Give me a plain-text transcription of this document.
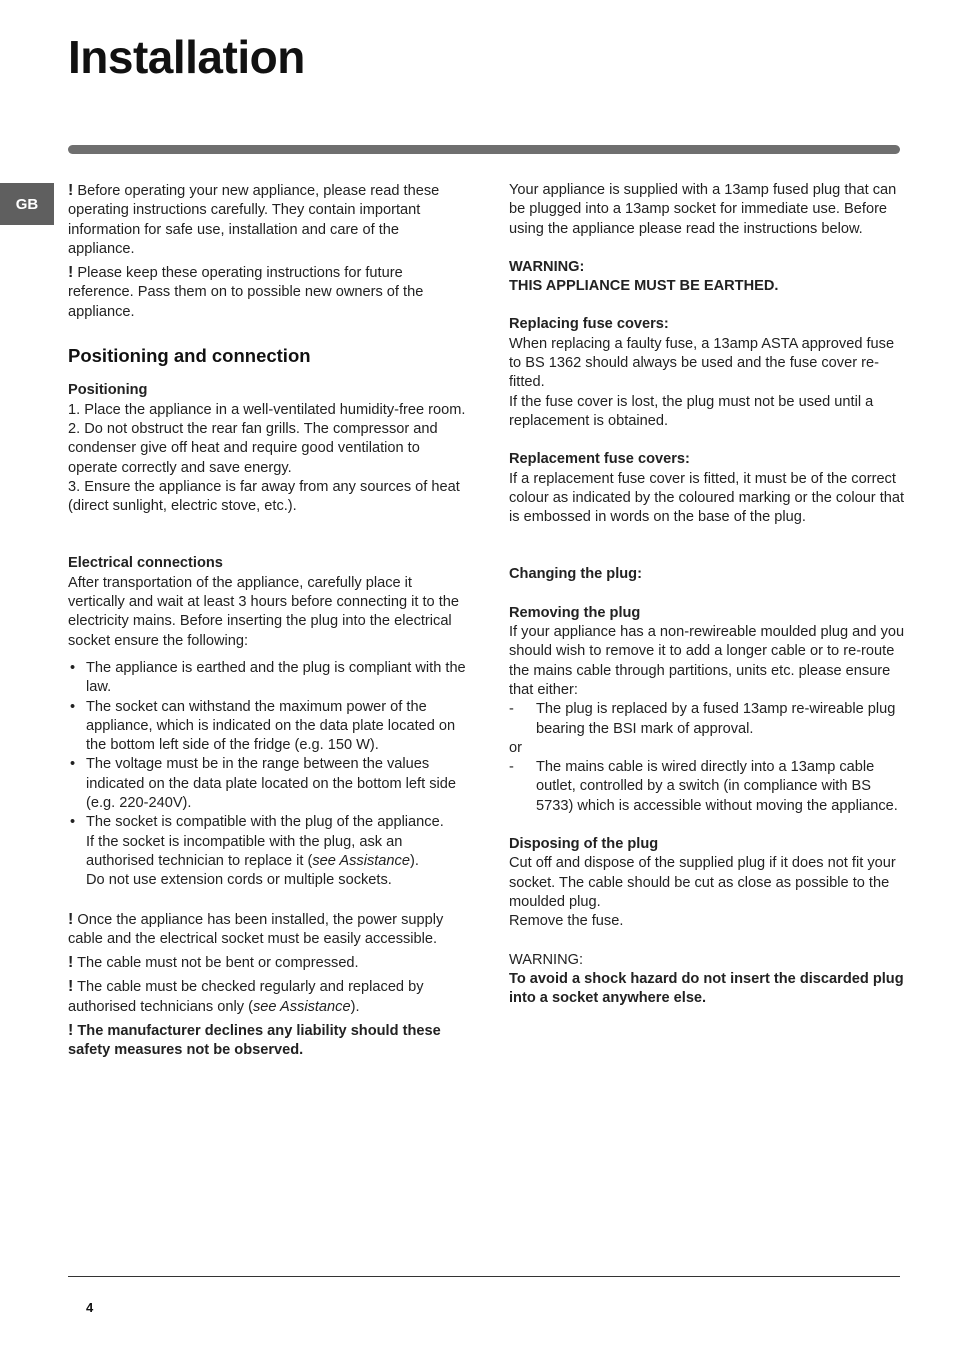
Installation
GB

! Before operating your new appliance, please read these operating instructions carefully. They contain important information for safe use, installation and care of the appliance.

! Please keep these operating instructions for future reference. Pass them on to possible new owners of the appliance.

Positioning and connection

Positioning

1. Place the appliance in a well-ventilated humidity-free room.

2. Do not obstruct the rear fan grills. The compressor and condenser give off heat and require good ventilation to operate correctly and save energy.

3. Ensure the appliance is far away from any sources of heat (direct sunlight, electric stove, etc.).

Electrical connections

After transportation of the appliance, carefully place it vertically and wait at least 3 hours before connecting it to the electricity mains. Before inserting the plug into the electrical socket ensure the following:

• The appliance is earthed and the plug is compliant with the law.
• The socket can withstand the maximum power of the appliance, which is indicated on the data plate located on the bottom left side of the fridge (e.g. 150 W).
• The voltage must be in the range between the values indicated on the data plate located on the bottom left side (e.g. 220-240V).
• The socket is compatible with the plug of the appliance.
If the socket is incompatible with the plug, ask an authorised technician to replace it (see Assistance).
Do not use extension cords or multiple sockets.

! Once the appliance has been installed, the power supply cable and the electrical socket must be easily accessible.

! The cable must not be bent or compressed.

! The cable must be checked regularly and replaced by authorised technicians only (see Assistance).

! The manufacturer declines any liability should these safety measures not be observed.

Your appliance is supplied with a 13amp fused plug that can be plugged into a 13amp socket for immediate use. Before using the appliance please read the instructions below.

WARNING:

THIS APPLIANCE MUST BE EARTHED.

Replacing fuse covers:

When replacing a faulty fuse, a 13amp ASTA approved fuse to BS 1362 should always be used and the fuse cover re-fitted.

If the fuse cover is lost, the plug must not be used until a replacement is obtained.

Replacement fuse covers:

If a replacement fuse cover is fitted, it must be of the correct colour as indicated by the coloured marking or the colour that is embossed in words on the base of the plug.

Changing the plug:

Removing the plug

If your appliance has a non-rewireable moulded plug and you should wish to remove it to add a longer cable or to re-route the mains cable through partitions, units etc. please ensure that either:

- The plug is replaced by a fused 13amp re-wireable plug bearing the BSI mark of approval.

or

- The mains cable is wired directly into a 13amp cable outlet, controlled by a switch (in compliance with BS 5733) which is accessible without moving the appliance.

Disposing of the plug

Cut off and dispose of the supplied plug if it does not fit your socket. The cable should be cut as close as possible to the moulded plug.

Remove the fuse.

WARNING:

To avoid a shock hazard do not insert the discarded plug into a socket anywhere else.

4
